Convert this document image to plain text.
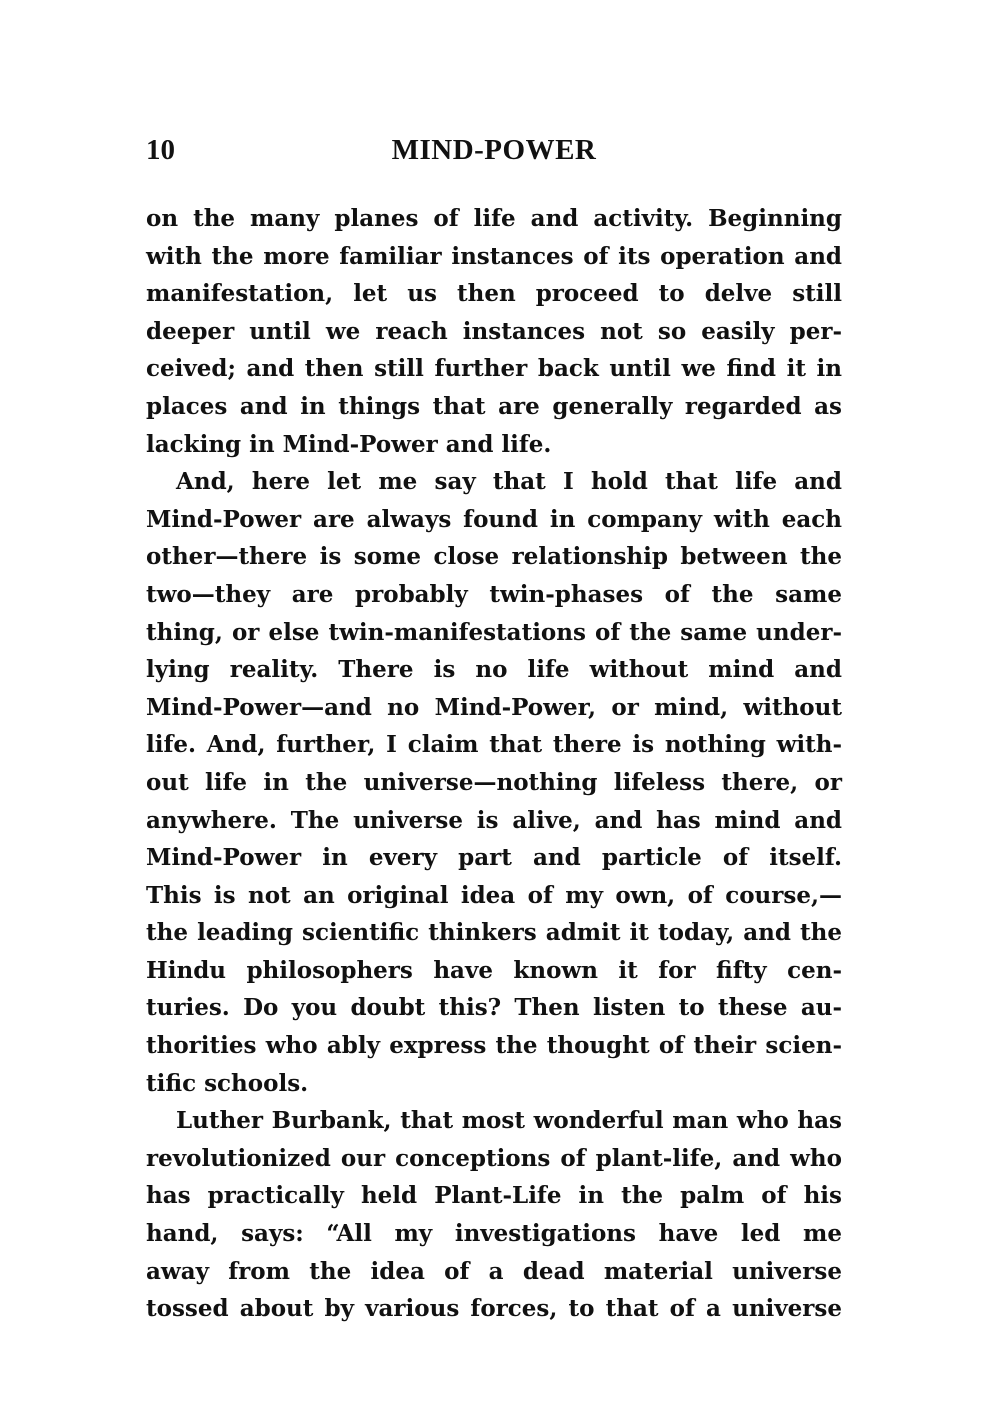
10	MIND-POWER
on the many planes of life and activity. Beginning
with the more familiar instances of its operation and
manifestation, let us then proceed to delve still
deeper until we reach instances not so easily per-
ceived; and then still further back until we find it in
places and in things that are generally regarded as
lacking in Mind-Power and life.
And, here let me say that I hold that life and
Mind-Power are always found in company with each
other—there is some close relationship between the
two—they are probably twin-phases of the same
thing, or else twin-manifestations of the same under-
lying reality. There is no life without mind and
Mind-Power—and no Mind-Power, or mind, without
life. And, further, I claim that there is nothing with-
out life in the universe—nothing lifeless there, or
anywhere. The universe is alive, and has mind and
Mind-Power in every part and particle of itself.
This is not an original idea of my own, of course,—
the leading scientific thinkers admit it today, and the
Hindu philosophers have known it for fifty cen-
turies. Do you doubt this? Then listen to these au-
thorities who ably express the thought of their scien-
tific schools.
Luther Burbank, that most wonderful man who has
revolutionized our conceptions of plant-life, and who
has practically held Plant-Life in the palm of his
hand, says: “All my investigations have led me
away from the idea of a dead material universe
tossed about by various forces, to that of a universe
